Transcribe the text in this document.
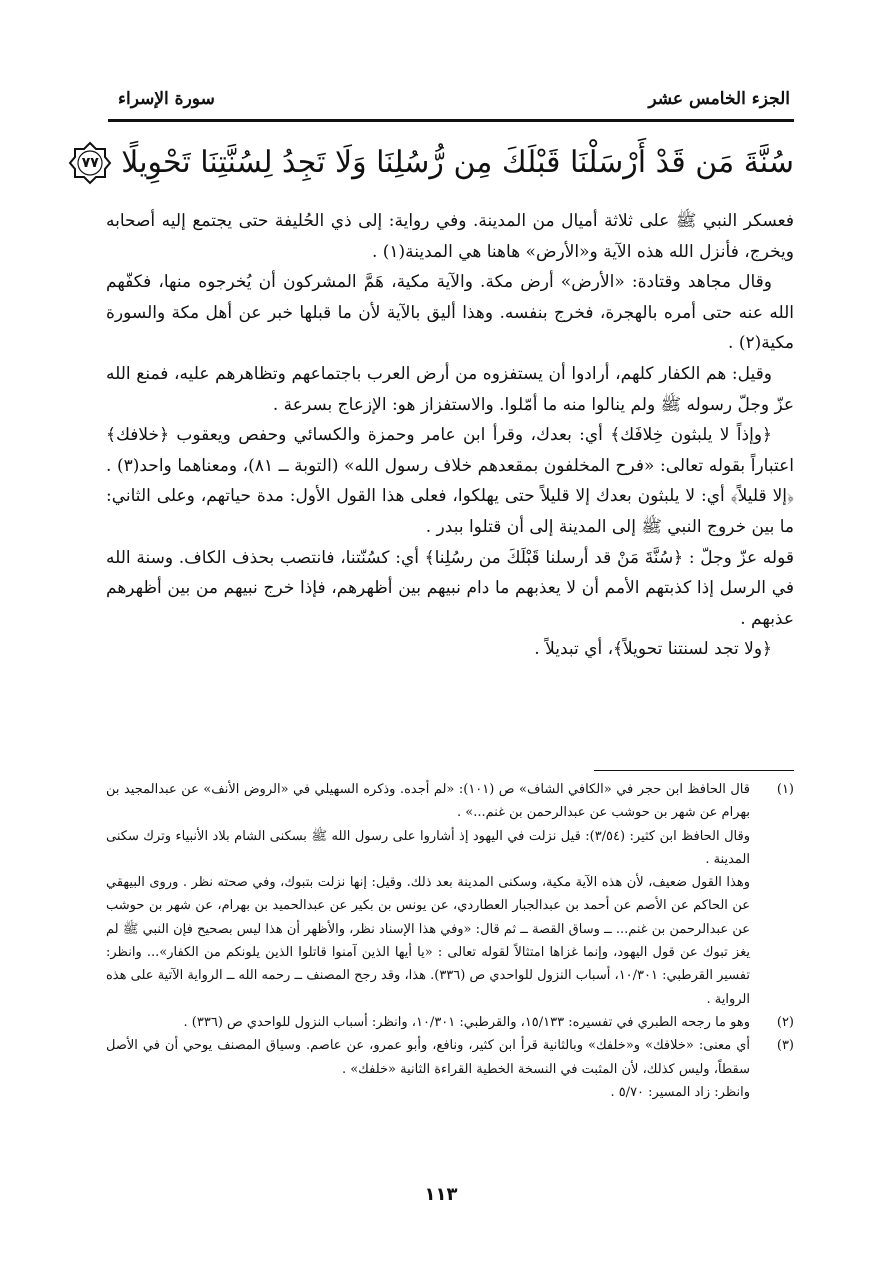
الجزء الخامس عشر
سورة الإسراء
سُنَّةَ مَن قَدْ أَرْسَلْنَا قَبْلَكَ مِن رُّسُلِنَا وَلَا تَجِدُ لِسُنَّتِنَا تَحْوِيلًا
٧٧

فعسكر النبي ﷺ على ثلاثة أميال من المدينة. وفي رواية: إلى ذي الحُليفة حتى يجتمع إليه أصحابه ويخرج، فأنزل الله هذه الآية و«الأرض» هاهنا هي المدينة(١) .

وقال مجاهد وقتادة: «الأرض» أرض مكة. والآية مكية، هَمَّ المشركون أن يُخرجوه منها، فكفّهم الله عنه حتى أمره بالهجرة، فخرج بنفسه. وهذا أليق بالآية لأن ما قبلها خبر عن أهل مكة والسورة مكية(٢) .

وقيل: هم الكفار كلهم، أرادوا أن يستفزوه من أرض العرب باجتماعهم وتظاهرهم عليه، فمنع الله عزّ وجلّ رسوله ﷺ ولم ينالوا منه ما أمّلوا. والاستفزاز هو: الإزعاج بسرعة .

﴿وإذاً لا يلبثون خِلافَك﴾ أي: بعدك، وقرأ ابن عامر وحمزة والكسائي وحفص ويعقوب ﴿خلافك﴾ اعتباراً بقوله تعالى: «فرح المخلفون بمقعدهم خلاف رسول الله» (التوبة ــ ٨١)، ومعناهما واحد(٣) . ﴿إلا قليلاً﴾ أي: لا يلبثون بعدك إلا قليلاً حتى يهلكوا، فعلى هذا القول الأول: مدة حياتهم، وعلى الثاني: ما بين خروج النبي ﷺ إلى المدينة إلى أن قتلوا ببدر .

قوله عزّ وجلّ : ﴿سُنَّةَ مَنْ قد أرسلنا قَبْلَكَ من رسُلِنا﴾ أي: كسُنّتنا، فانتصب بحذف الكاف. وسنة الله في الرسل إذا كذبتهم الأمم أن لا يعذبهم ما دام نبيهم بين أظهرهم، فإذا خرج نبيهم من بين أظهرهم عذبهم .

﴿ولا تجد لسنتنا تحويلاً﴾، أي تبديلاً .

(١)

قال الحافظ ابن حجر في «الكافي الشاف» ص (١٠١): «لم أجده. وذكره السهيلي في «الروض الأنف» عن عبدالمجيد بن بهرام عن شهر بن حوشب عن عبدالرحمن بن غنم...» .

وقال الحافظ ابن كثير: (٣/٥٤): قيل نزلت في اليهود إذ أشاروا على رسول الله ﷺ بسكنى الشام بلاد الأنبياء وترك سكنى المدينة .

وهذا القول ضعيف، لأن هذه الآية مكية، وسكنى المدينة بعد ذلك. وقيل: إنها نزلت بتبوك، وفي صحته نظر . وروى البيهقي عن الحاكم عن الأصم عن أحمد بن عبدالجبار العطاردي، عن يونس بن بكير عن عبدالحميد بن بهرام، عن شهر بن حوشب عن عبدالرحمن بن غنم... ــ وساق القصة ــ ثم قال: «وفي هذا الإسناد نظر، والأظهر أن هذا ليس بصحيح فإن النبي ﷺ لم يغز تبوك عن قول اليهود، وإنما غزاها امتثالاً لقوله تعالى : «يا أيها الذين آمنوا قاتلوا الذين يلونكم من الكفار»... وانظر: تفسير القرطبي: ١٠/٣٠١، أسباب النزول للواحدي ص (٣٣٦). هذا، وقد رجح المصنف ــ رحمه الله ــ الرواية الآتية على هذه الرواية .

(٢)

وهو ما رجحه الطبري في تفسيره: ١٥/١٣٣، والقرطبي: ١٠/٣٠١، وانظر: أسباب النزول للواحدي ص (٣٣٦) .

(٣)

أي معنى: «خلافك» و«خلفك» وبالثانية قرأ ابن كثير، ونافع، وأبو عمرو، عن عاصم. وسياق المصنف يوحي أن في الأصل سقطاً، وليس كذلك، لأن المثبت في النسخة الخطية القراءة الثانية «خلفك» .

وانظر: زاد المسير: ٥/٧٠ .

١١٣
